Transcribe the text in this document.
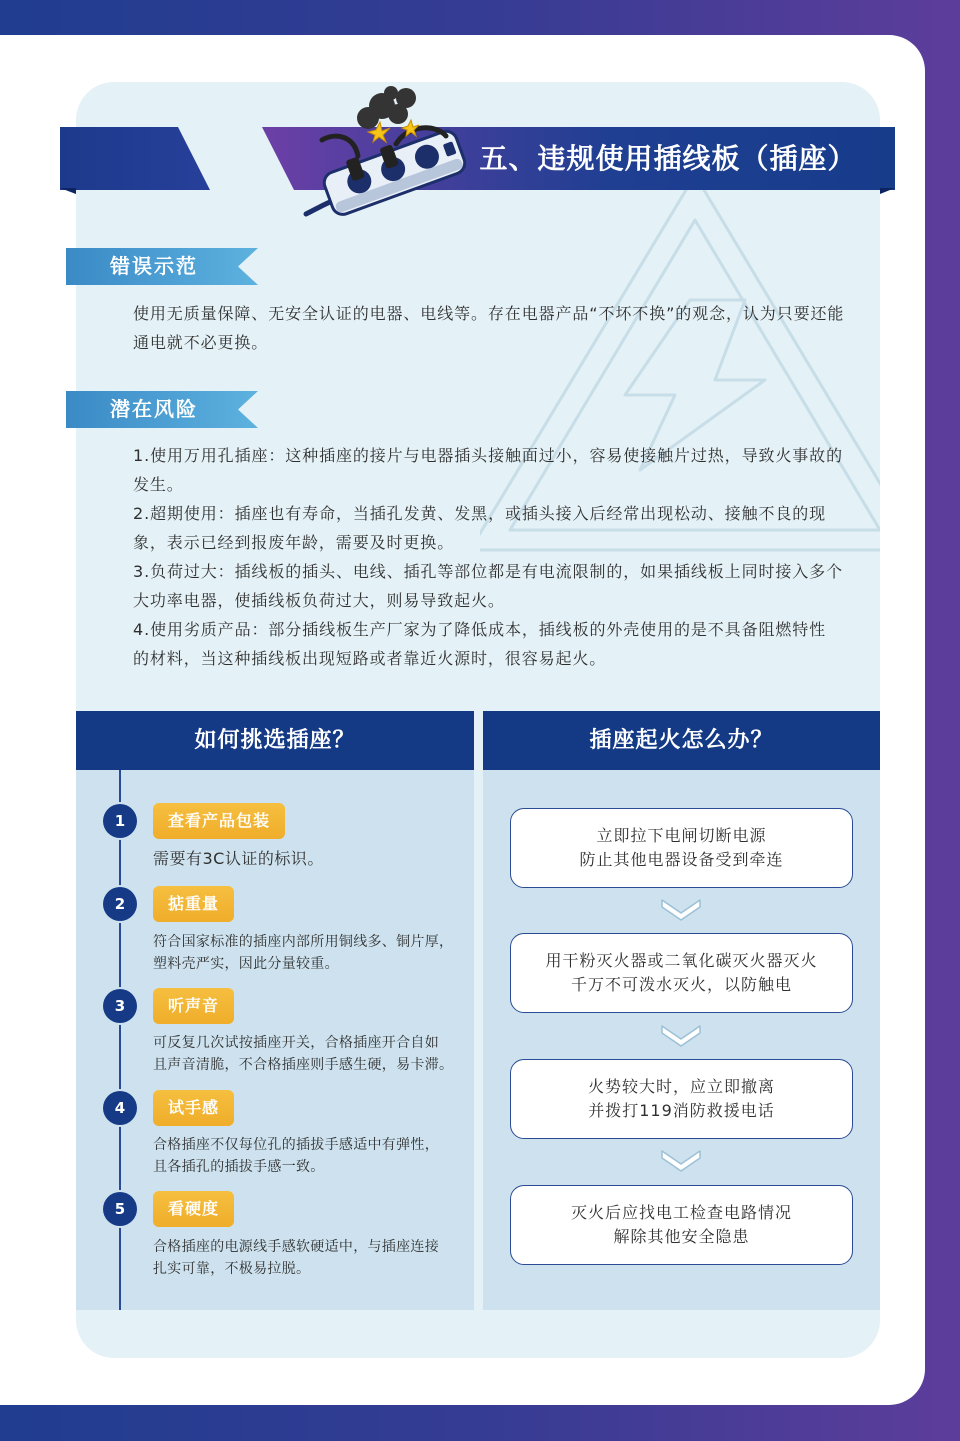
五、违规使用插线板（插座）
错误示范
使用无质量保障、无安全认证的电器、电线等。存在电器产品“不坏不换”的观念，认为只要还能
通电就不必更换。
潜在风险
1.使用万用孔插座：这种插座的接片与电器插头接触面过小，容易使接触片过热，导致火事故的
发生。
2.超期使用：插座也有寿命，当插孔发黄、发黑，或插头接入后经常出现松动、接触不良的现
象，表示已经到报废年龄，需要及时更换。
3.负荷过大：插线板的插头、电线、插孔等部位都是有电流限制的，如果插线板上同时接入多个
大功率电器，使插线板负荷过大，则易导致起火。
4.使用劣质产品：部分插线板生产厂家为了降低成本，插线板的外壳使用的是不具备阻燃特性
的材料，当这种插线板出现短路或者靠近火源时，很容易起火。
如何挑选插座？
1	查看产品包装
需要有3C认证的标识。
2	掂重量
符合国家标准的插座内部所用铜线多、铜片厚，
塑料壳严实，因此分量较重。
3	听声音
可反复几次试按插座开关，合格插座开合自如
且声音清脆，不合格插座则手感生硬，易卡滞。
4	试手感
合格插座不仅每位孔的插拔手感适中有弹性，
且各插孔的插拔手感一致。
5	看硬度
合格插座的电源线手感软硬适中，与插座连接
扎实可靠，不极易拉脱。
插座起火怎么办？
立即拉下电闸切断电源
防止其他电器设备受到牵连
用干粉灭火器或二氧化碳灭火器灭火
千万不可泼水灭火，以防触电
火势较大时，应立即撤离
并拨打119消防救援电话
灭火后应找电工检查电路情况
解除其他安全隐患
